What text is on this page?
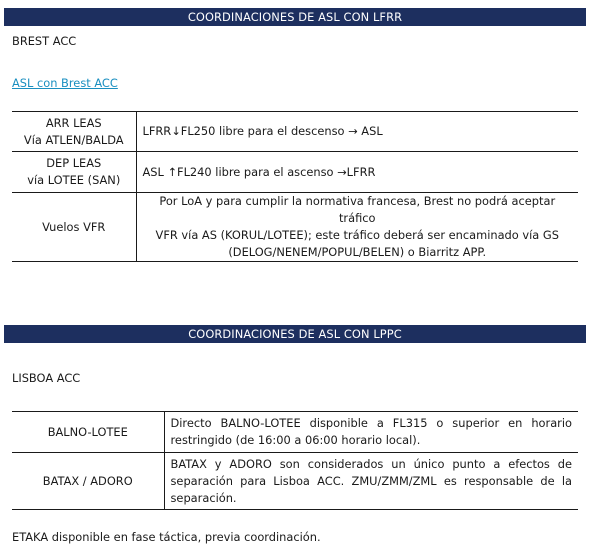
COORDINACIONES DE ASL CON LFRR
BREST ACC
ASL con Brest ACC
ARR LEAS
Vía ATLEN/BALDA	LFRR↓FL250 libre para el descenso → ASL

DEP LEAS
vía LOTEE (SAN)	ASL ↑FL240 libre para el ascenso →LFRR

Vuelos VFR	Por LoA y para cumplir la normativa francesa, Brest no podrá aceptar tráfico
VFR vía AS (KORUL/LOTEE); este tráfico deberá ser encaminado vía GS
(DELOG/NENEM/POPUL/BELEN) o Biarritz APP.
COORDINACIONES DE ASL CON LPPC
LISBOA ACC
BALNO-LOTEE	Directo BALNO-LOTEE disponible a FL315 o superior en horario restringido (de 16:00 a 06:00 horario local).

BATAX / ADORO	BATAX y ADORO son considerados un único punto a efectos de separación para Lisboa ACC. ZMU/ZMM/ZML es responsable de la separación.
ETAKA disponible en fase táctica, previa coordinación.
